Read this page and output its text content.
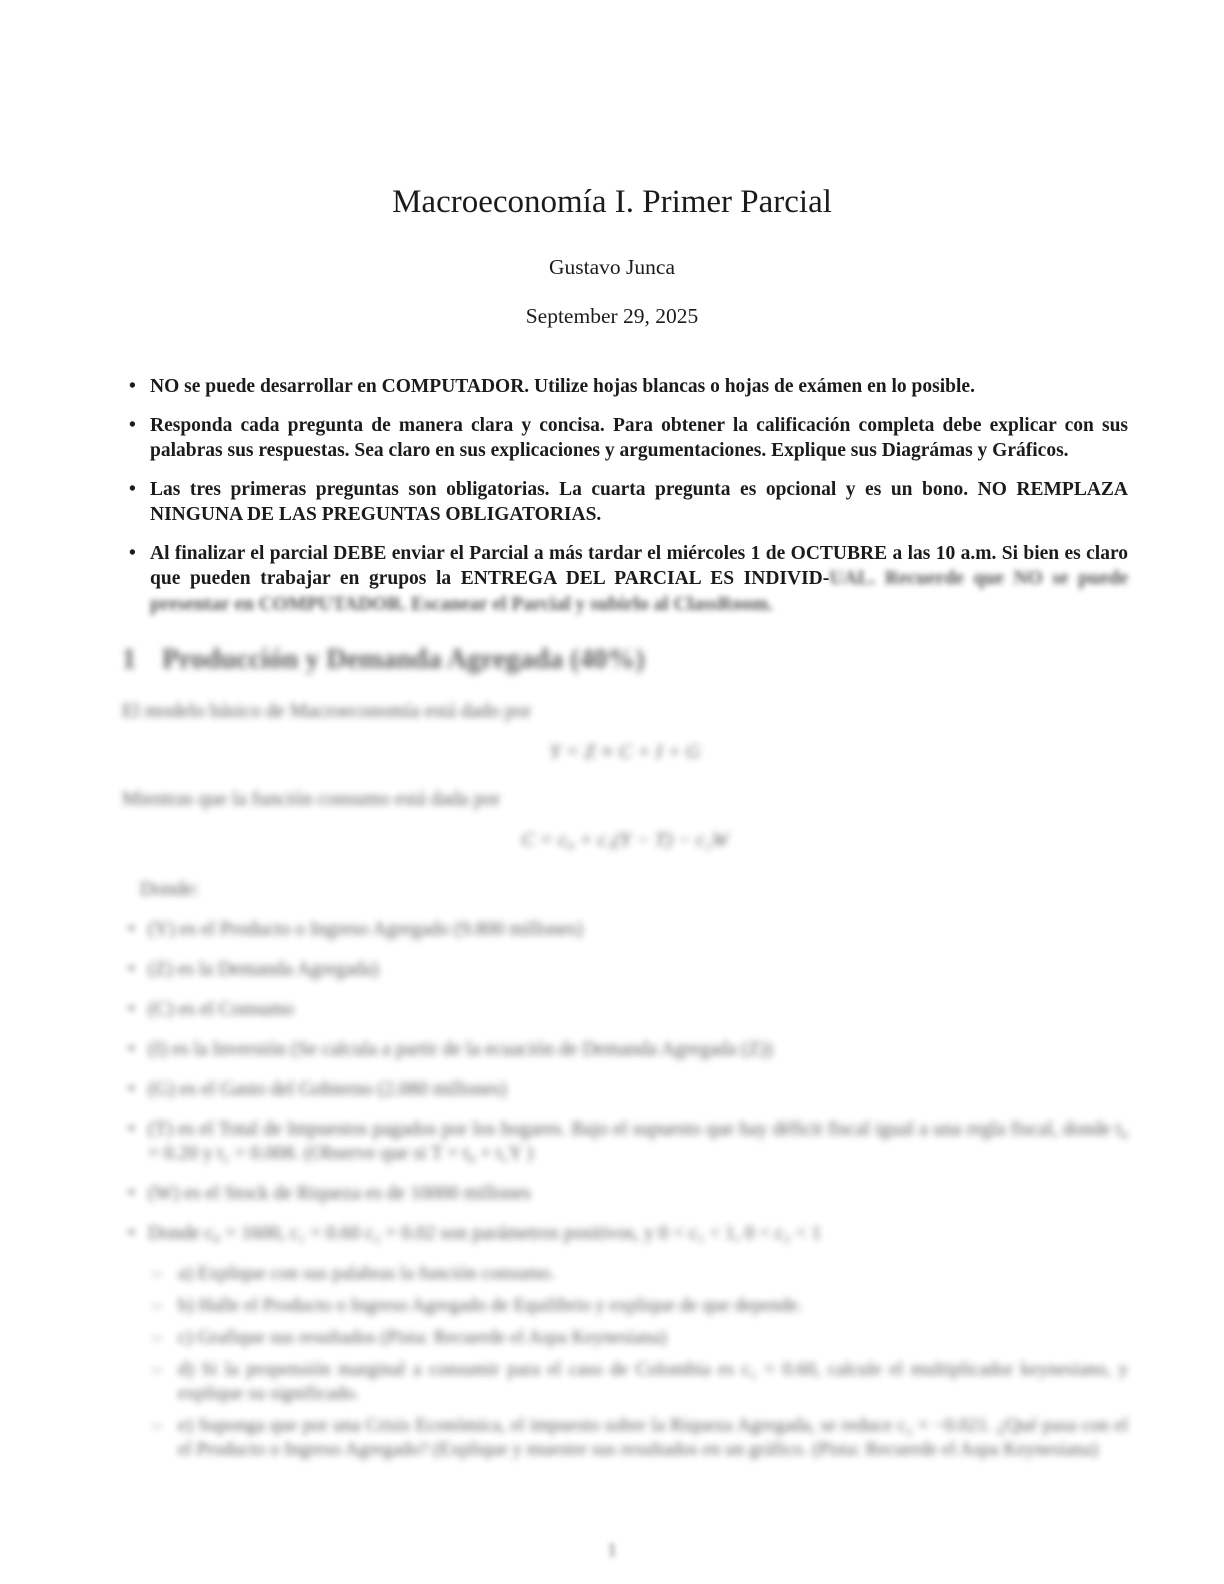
Macroeconomía I. Primer Parcial
Gustavo Junca
September 29, 2025
• NO se puede desarrollar en COMPUTADOR. Utilize hojas blancas o hojas de exámen en lo posible.
• Responda cada pregunta de manera clara y concisa. Para obtener la calificación completa debe explicar con sus palabras sus respuestas. Sea claro en sus explicaciones y argumentaciones. Explique sus Diagrámas y Gráficos.
• Las tres primeras preguntas son obligatorias. La cuarta pregunta es opcional y es un bono. NO REMPLAZA NINGUNA DE LAS PREGUNTAS OBLIGATORIAS.
• Al finalizar el parcial DEBE enviar el Parcial a más tardar el miércoles 1 de OCTUBRE a las 10 a.m. Si bien es claro que pueden trabajar en grupos la ENTREGA DEL PARCIAL ES INDIVID-UAL. Recuerde que NO se puede presentar en COMPUTADOR. Escanear el Parcial y subirlo al ClassRoom.
1 Producción y Demanda Agregada (40%)

El modelo básico de Macroeconomía está dado por

Y = Z ≡ C + I + G

Mientras que la función consumo está dada por

C = c₀ + c₁(Y − T) − c₂W

Donde:

• (Y) es el Producto o Ingreso Agregado (9.800 millones)
• (Z) es la Demanda Agregada)
• (C) es el Consumo
• (I) es la Inversión (Se calcula a partir de la ecuación de Demanda Agregada (Z))
• (G) es el Gasto del Gobierno (2.080 millones)
• (T) es el Total de Impuestos pagados por los hogares. Bajo el supuesto que hay déficit fiscal igual a una regla fiscal, donde t₀ = 0.20 y t₁ = 0.008. (Observe que si T = t₀ + t₁Y )
• (W) es el Stock de Riqueza es de 10000 millones
• Donde c₀ = 1600, c₁ = 0.60 c₂ = 0.02 son parámetros positivos, y 0 < c₁ < 1, 0 < c₂ < 1
– a) Explique con sus palabras la función consumo.
– b) Halle el Producto o Ingreso Agregado de Equilibrio y explique de que depende.
– c) Grafique sus resultados (Pista: Recuerde el Aspa Keynesiana)
– d) Si la propensión marginal a consumir para el caso de Colombia es c₁ = 0.60, calcule el multiplicador keynesiano, y explique su significado.
– e) Suponga que por una Crisis Económica, el impuesto sobre la Riqueza Agregada, se reduce c₂ = −0.021. ¿Qué pasa con el el Producto o Ingreso Agregado? (Explique y muestre sus resultados en un gráfico. (Pista: Recuerde el Aspa Keynesiana)
1
